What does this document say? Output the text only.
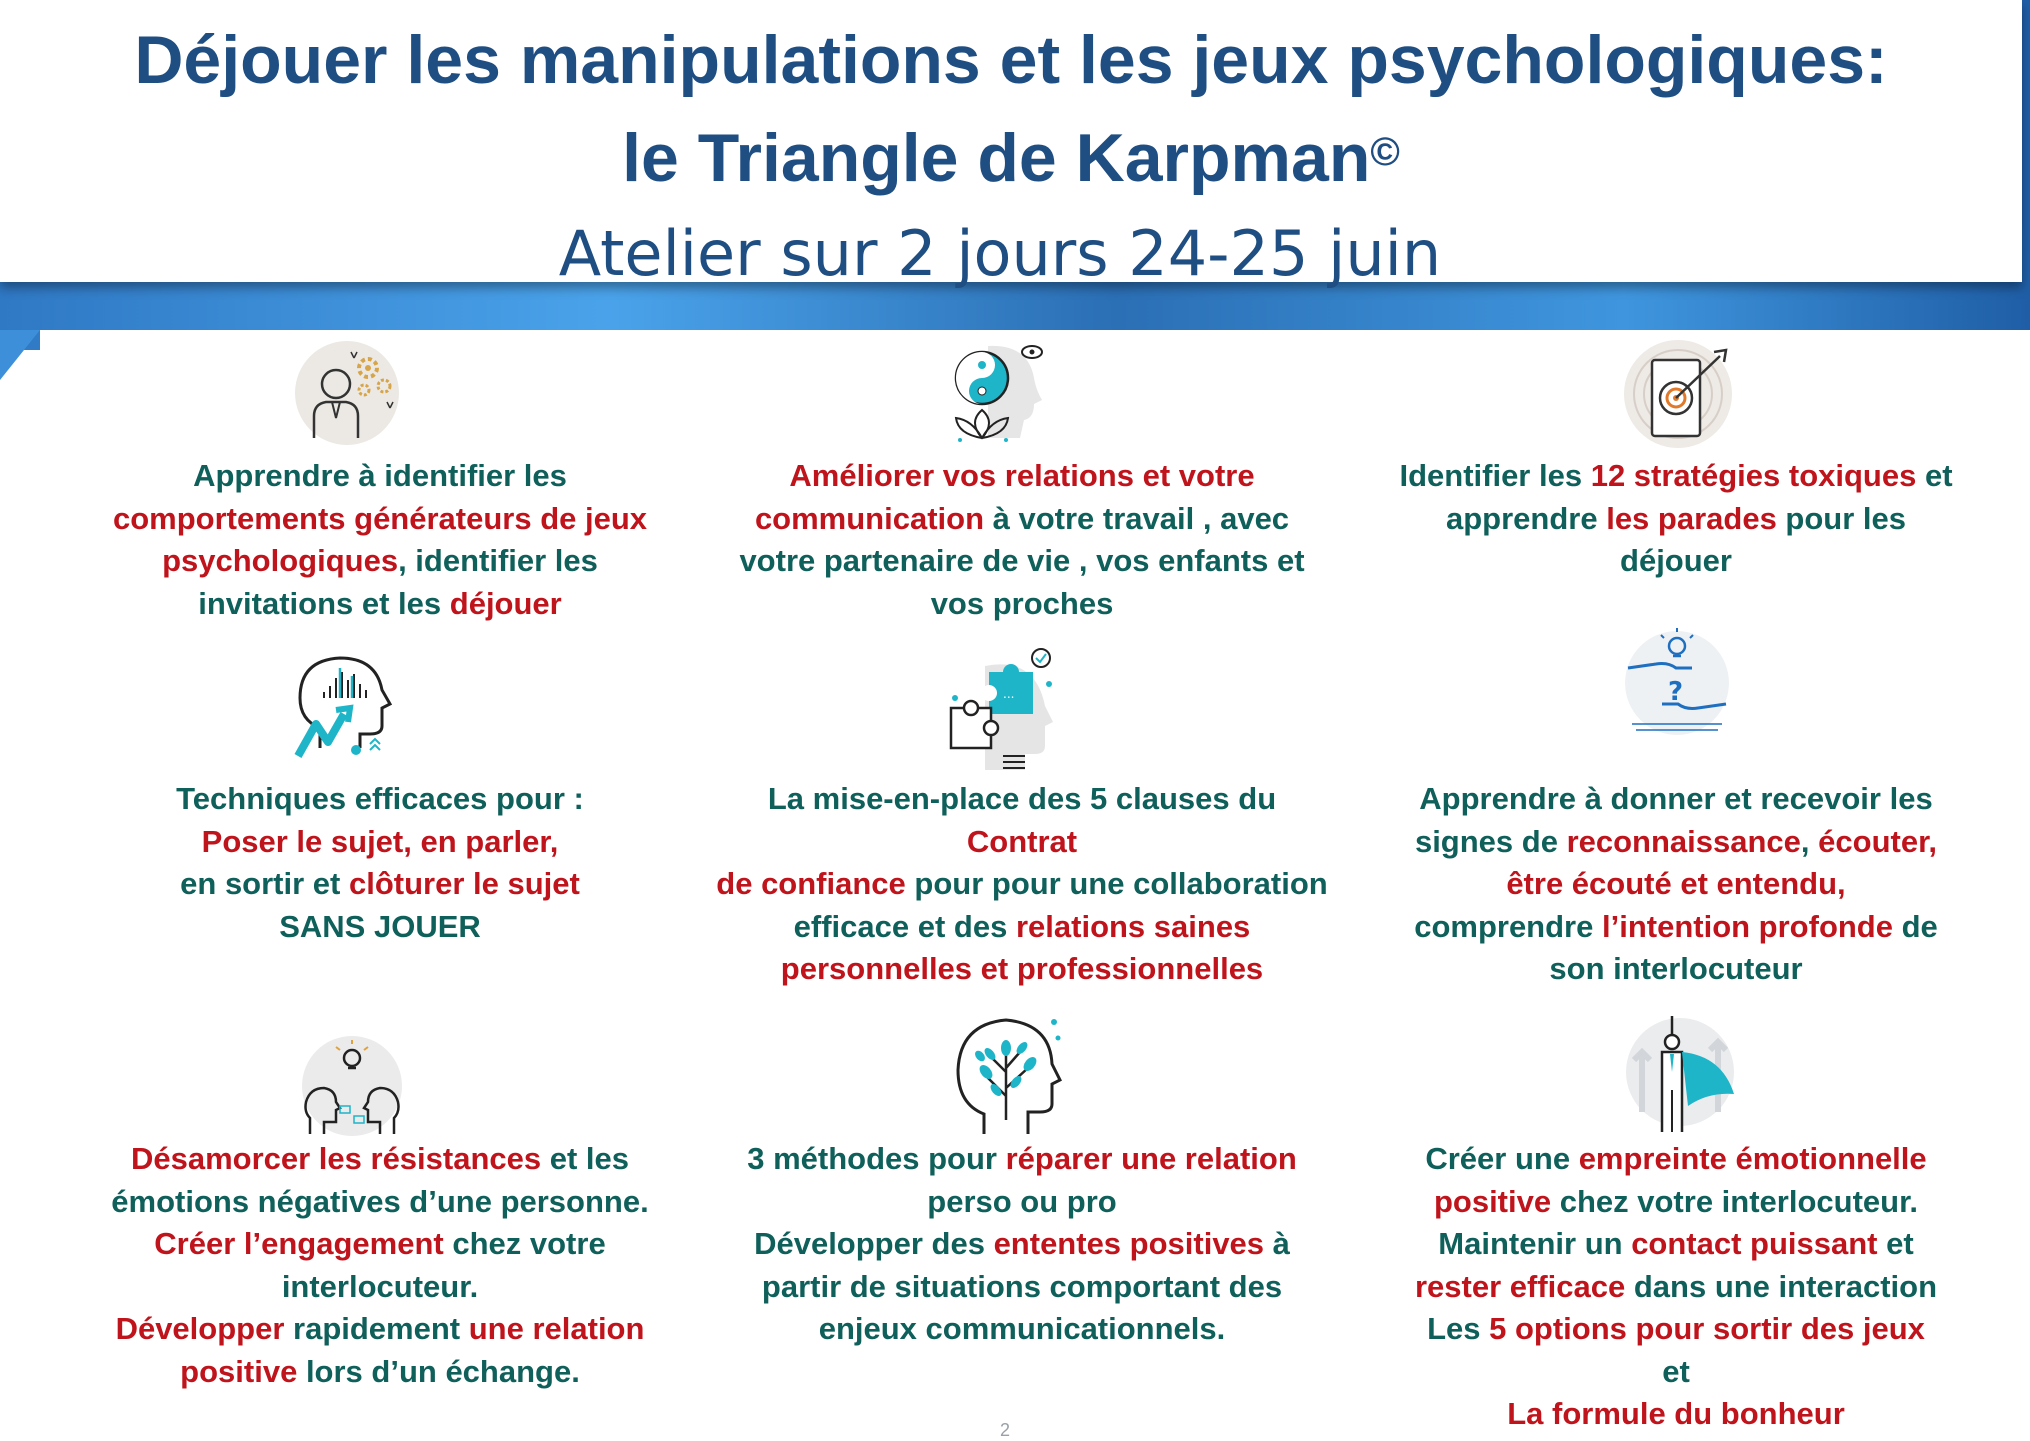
Déjouer les manipulations et les jeux psychologiques:
le Triangle de Karpman©
Atelier sur 2 jours 24-25 juin
Apprendre à identifier les
comportements générateurs de jeux
psychologiques, identifier les
invitations et les déjouer
Améliorer vos relations et votre
communication à votre travail , avec
votre partenaire de vie , vos enfants et
vos proches
Identifier les 12 stratégies toxiques et
apprendre les parades pour les
déjouer
...	?
Techniques efficaces pour :
Poser le sujet, en parler,
en sortir et clôturer le sujet
SANS JOUER
La mise-en-place des 5 clauses du Contrat
de confiance pour pour une collaboration
efficace et des relations saines
personnelles et professionnelles
Apprendre à donner et recevoir les
signes de reconnaissance, écouter,
être écouté et entendu,
comprendre l’intention profonde de
son interlocuteur
Désamorcer les résistances et les
émotions négatives d’une personne.
Créer l’engagement chez votre
interlocuteur.
Développer rapidement une relation
positive lors d’un échange.
3 méthodes pour réparer une relation
perso ou pro
Développer des ententes positives à
partir de situations comportant des
enjeux communicationnels.
Créer une empreinte émotionnelle
positive chez votre interlocuteur.
Maintenir un contact puissant et
rester efficace dans une interaction
Les 5 options pour sortir des jeux
et
La formule du bonheur
2
